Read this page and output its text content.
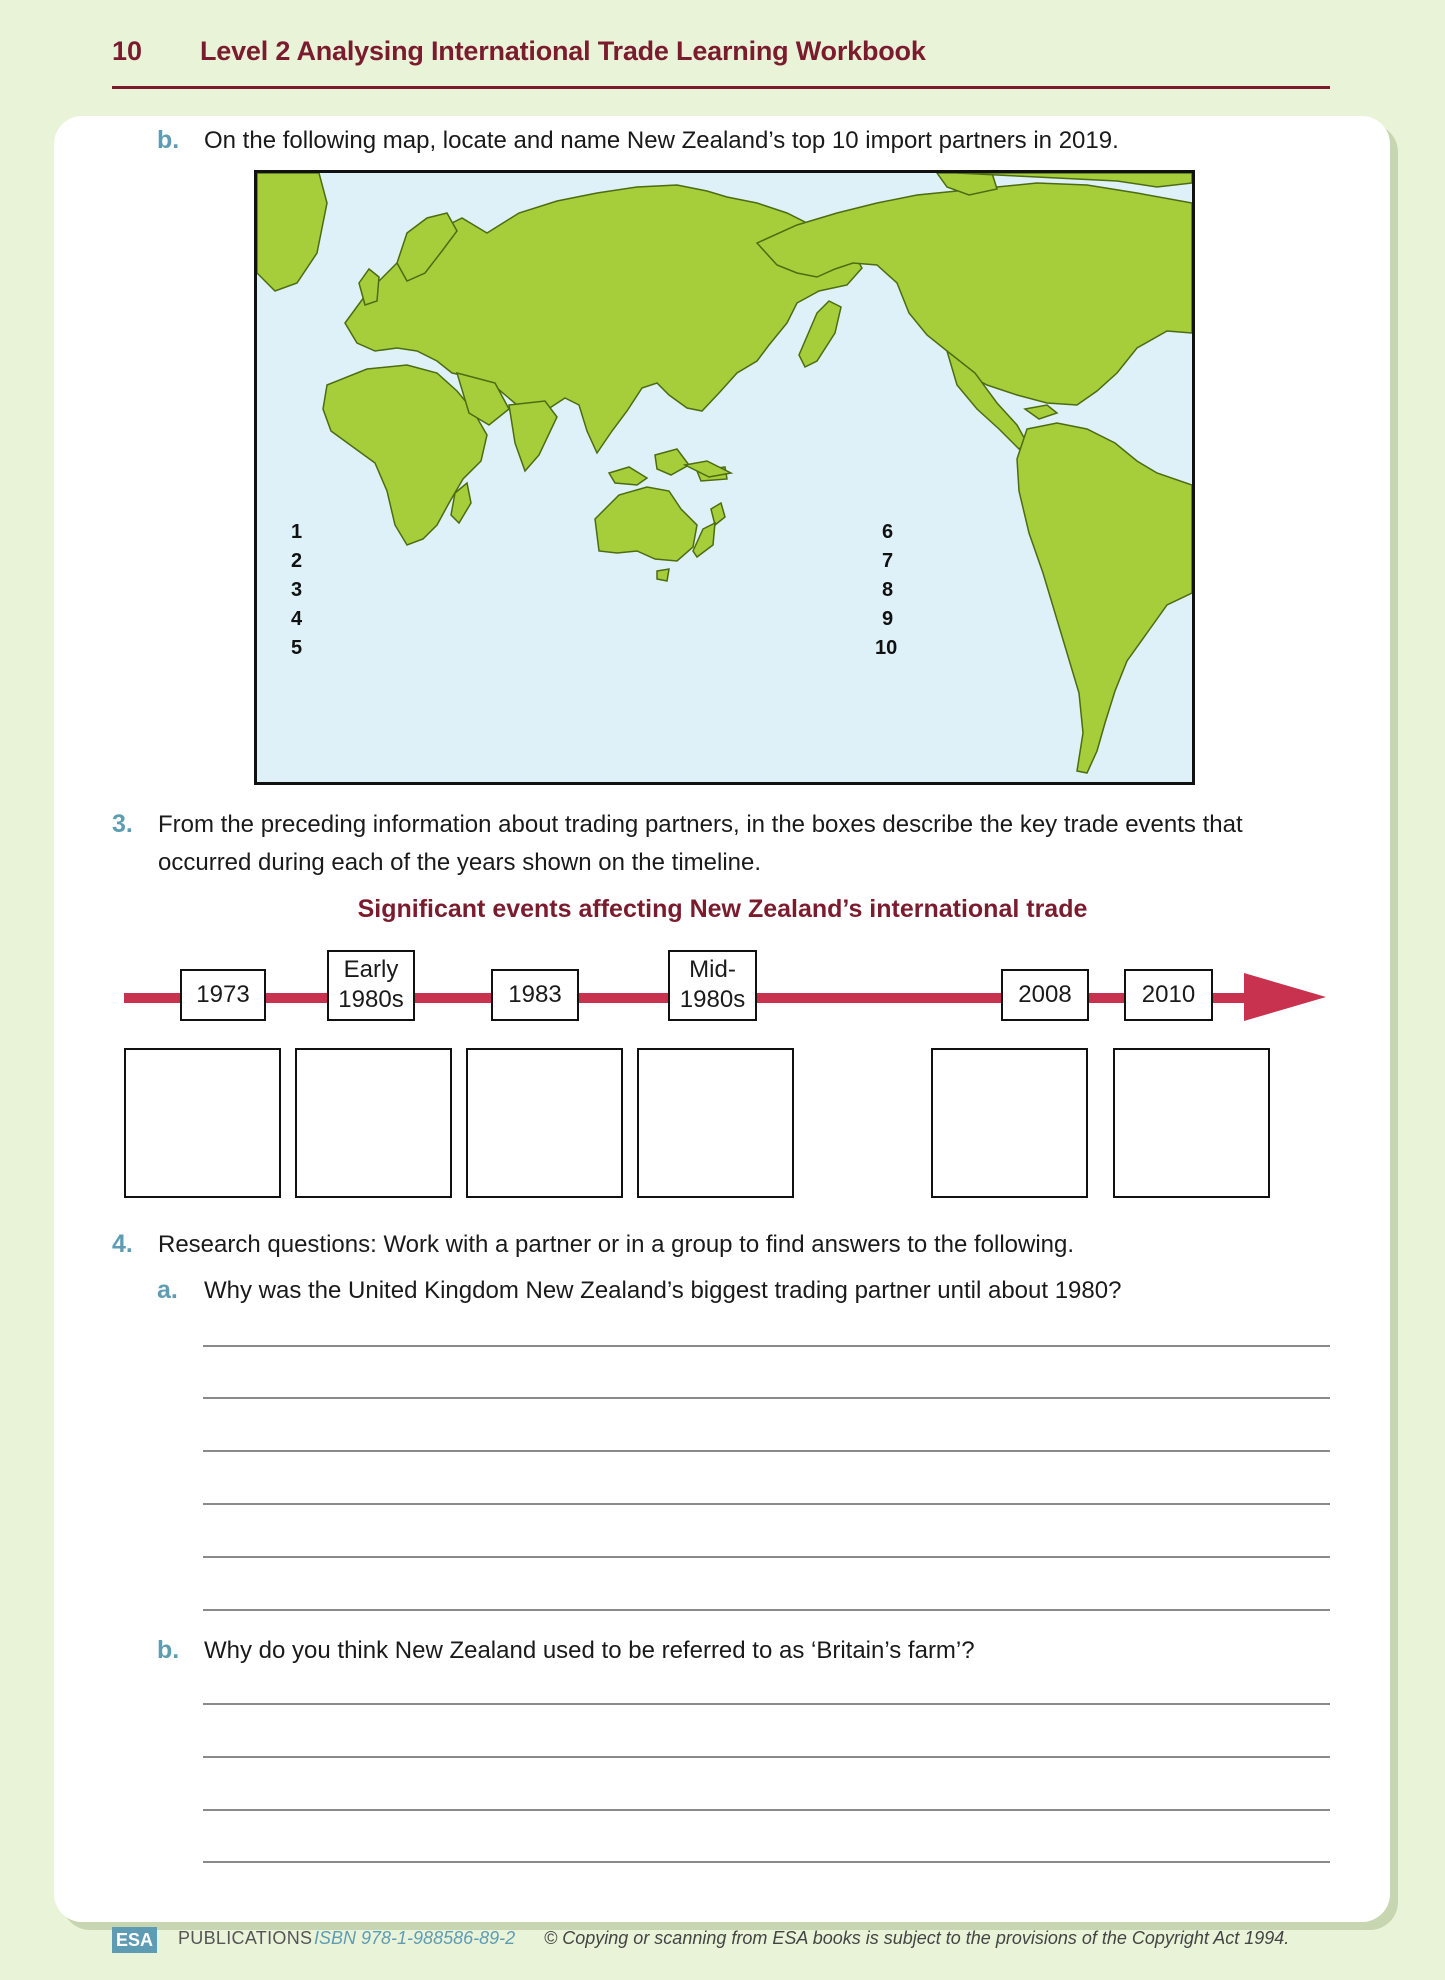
10 Level 2 Analysing International Trade Learning Workbook
b. On the following map, locate and name New Zealand’s top 10 import partners in 2019.
1
2
3
4
5
6
7
8
9
10
3. From the preceding information about trading partners, in the boxes describe the key trade events that
occurred during each of the years shown on the timeline.
Significant events affecting New Zealand’s international trade
1973
Early
1980s	1983
Mid-
1980s	2008	2010
4. Research questions: Work with a partner or in a group to find answers to the following.
a. Why was the United Kingdom New Zealand’s biggest trading partner until about 1980?
b. Why do you think New Zealand used to be referred to as ‘Britain’s farm’?
ESA PUBLICATIONS ISBN 978-1-988586-89-2 © Copying or scanning from ESA books is subject to the provisions of the Copyright Act 1994.
